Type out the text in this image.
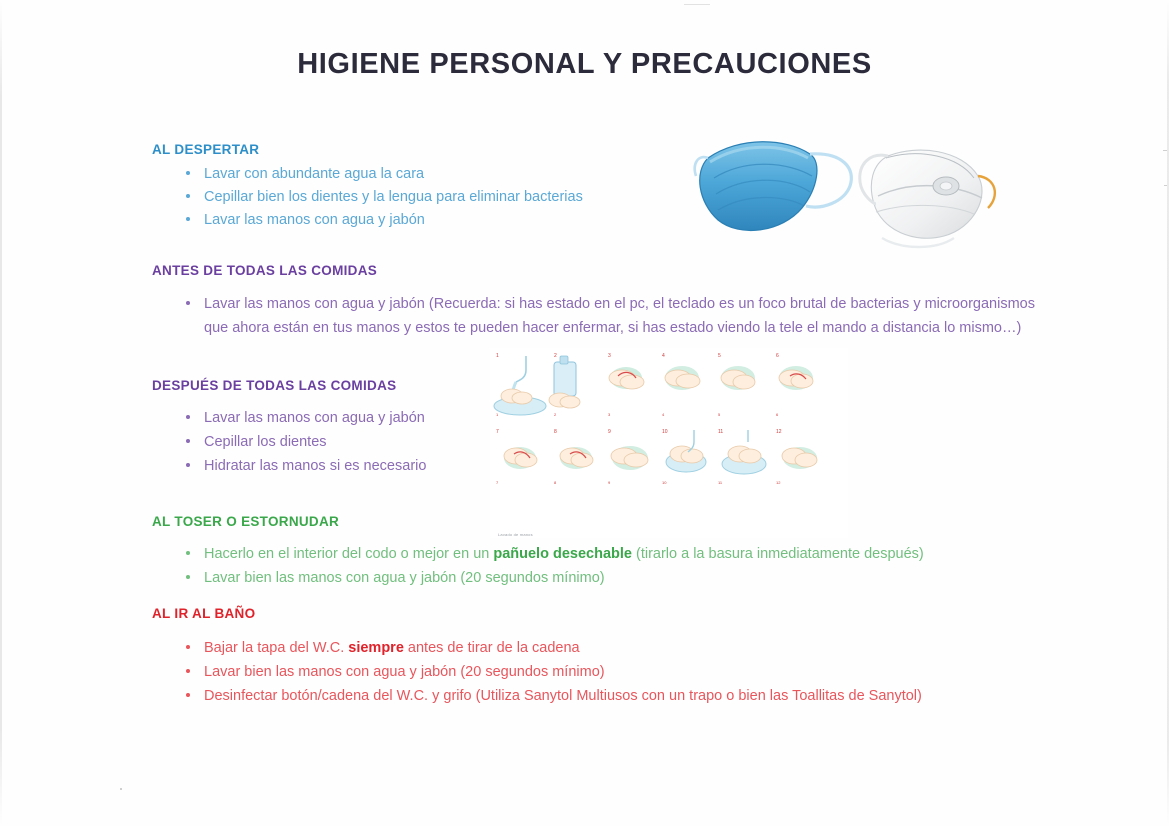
HIGIENE PERSONAL Y PRECAUCIONES
AL DESPERTAR
Lavar con abundante agua la cara
Cepillar bien los dientes y la lengua para eliminar bacterias
Lavar las manos con agua y jabón
ANTES DE TODAS LAS COMIDAS
Lavar las manos con agua y jabón (Recuerda: si has estado en el pc, el teclado es un foco brutal de bacterias y microorganismos que ahora están en tus manos y estos te pueden hacer enfermar, si has estado viendo la tele el mando a distancia lo mismo…)
DESPUÉS DE TODAS LAS COMIDAS
Lavar las manos con agua y jabón
Cepillar los dientes
Hidratar las manos si es necesario
AL TOSER O ESTORNUDAR
Hacerlo en el interior del codo o mejor en un pañuelo desechable (tirarlo a la basura inmediatamente después)
Lavar bien las manos con agua y jabón (20 segundos mínimo)
AL IR AL BAÑO
Bajar la tapa del W.C. siempre antes de tirar de la cadena
Lavar bien las manos con agua y jabón (20 segundos mínimo)
Desinfectar botón/cadena del W.C. y grifo (Utiliza Sanytol Multiusos con un trapo o bien las Toallitas de Sanytol)
1
1
2
2
3
3
4
4
5
5
6
6
7
7
8
8
9
9
10
10
11
11
12
12
Lavado de manos
